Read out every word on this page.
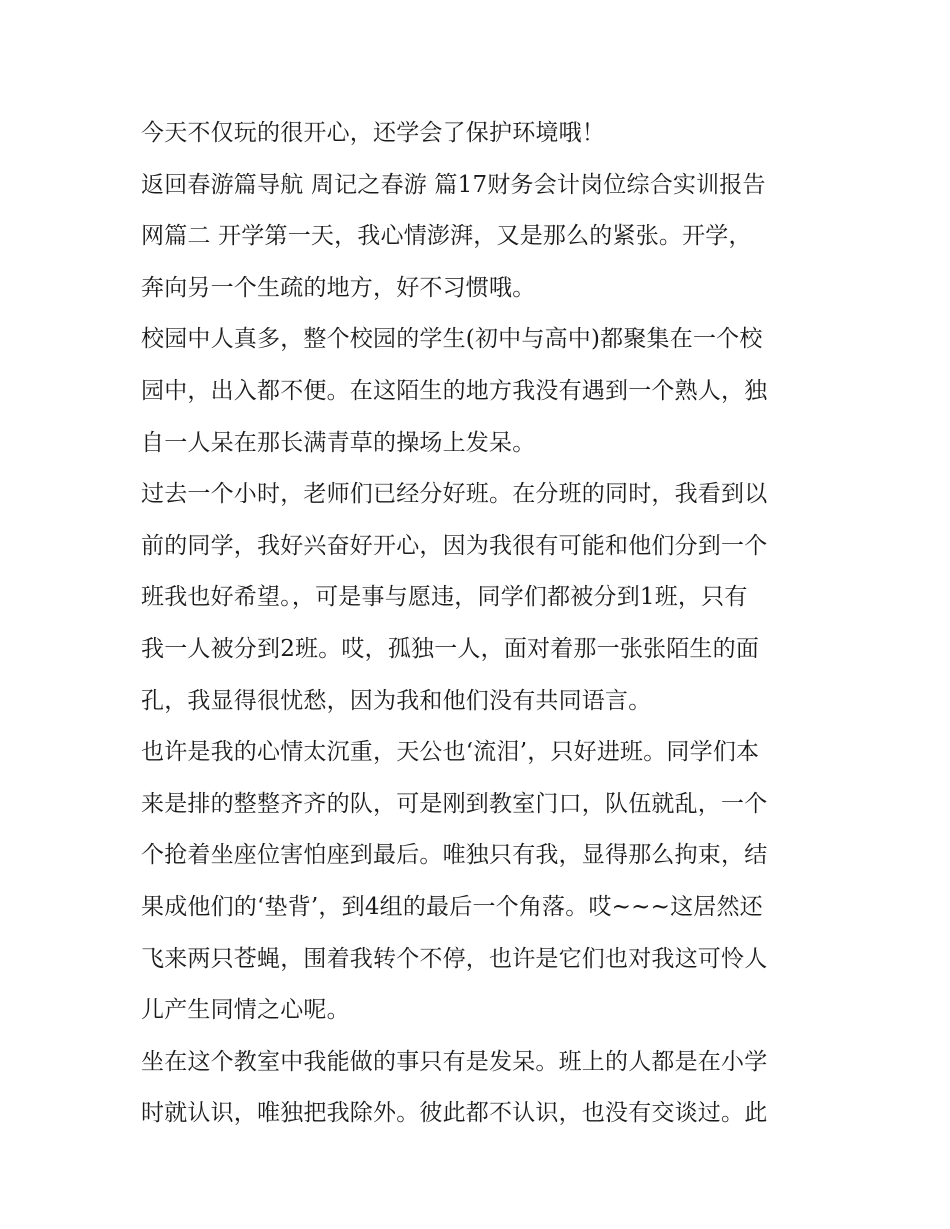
今天不仅玩的很开心，还学会了保护环境哦！
返回春游篇导航 周记之春游 篇17财务会计岗位综合实训报告
网篇二 开学第一天，我心情澎湃，又是那么的紧张。开学，
奔向另一个生疏的地方，好不习惯哦。
校园中人真多，整个校园的学生(初中与高中)都聚集在一个校
园中，出入都不便。在这陌生的地方我没有遇到一个熟人，独
自一人呆在那长满青草的操场上发呆。
过去一个小时，老师们已经分好班。在分班的同时，我看到以
前的同学，我好兴奋好开心，因为我很有可能和他们分到一个
班我也好希望。，可是事与愿违，同学们都被分到1班，只有
我一人被分到2班。哎，孤独一人，面对着那一张张陌生的面
孔，我显得很忧愁，因为我和他们没有共同语言。
也许是我的心情太沉重，天公也‘流泪’，只好进班。同学们本
来是排的整整齐齐的队，可是刚到教室门口，队伍就乱，一个
个抢着坐座位害怕座到最后。唯独只有我，显得那么拘束，结
果成他们的‘垫背’，到4组的最后一个角落。哎~~~这居然还
飞来两只苍蝇，围着我转个不停，也许是它们也对我这可怜人
儿产生同情之心呢。
坐在这个教室中我能做的事只有是发呆。班上的人都是在小学
时就认识，唯独把我除外。彼此都不认识，也没有交谈过。此
